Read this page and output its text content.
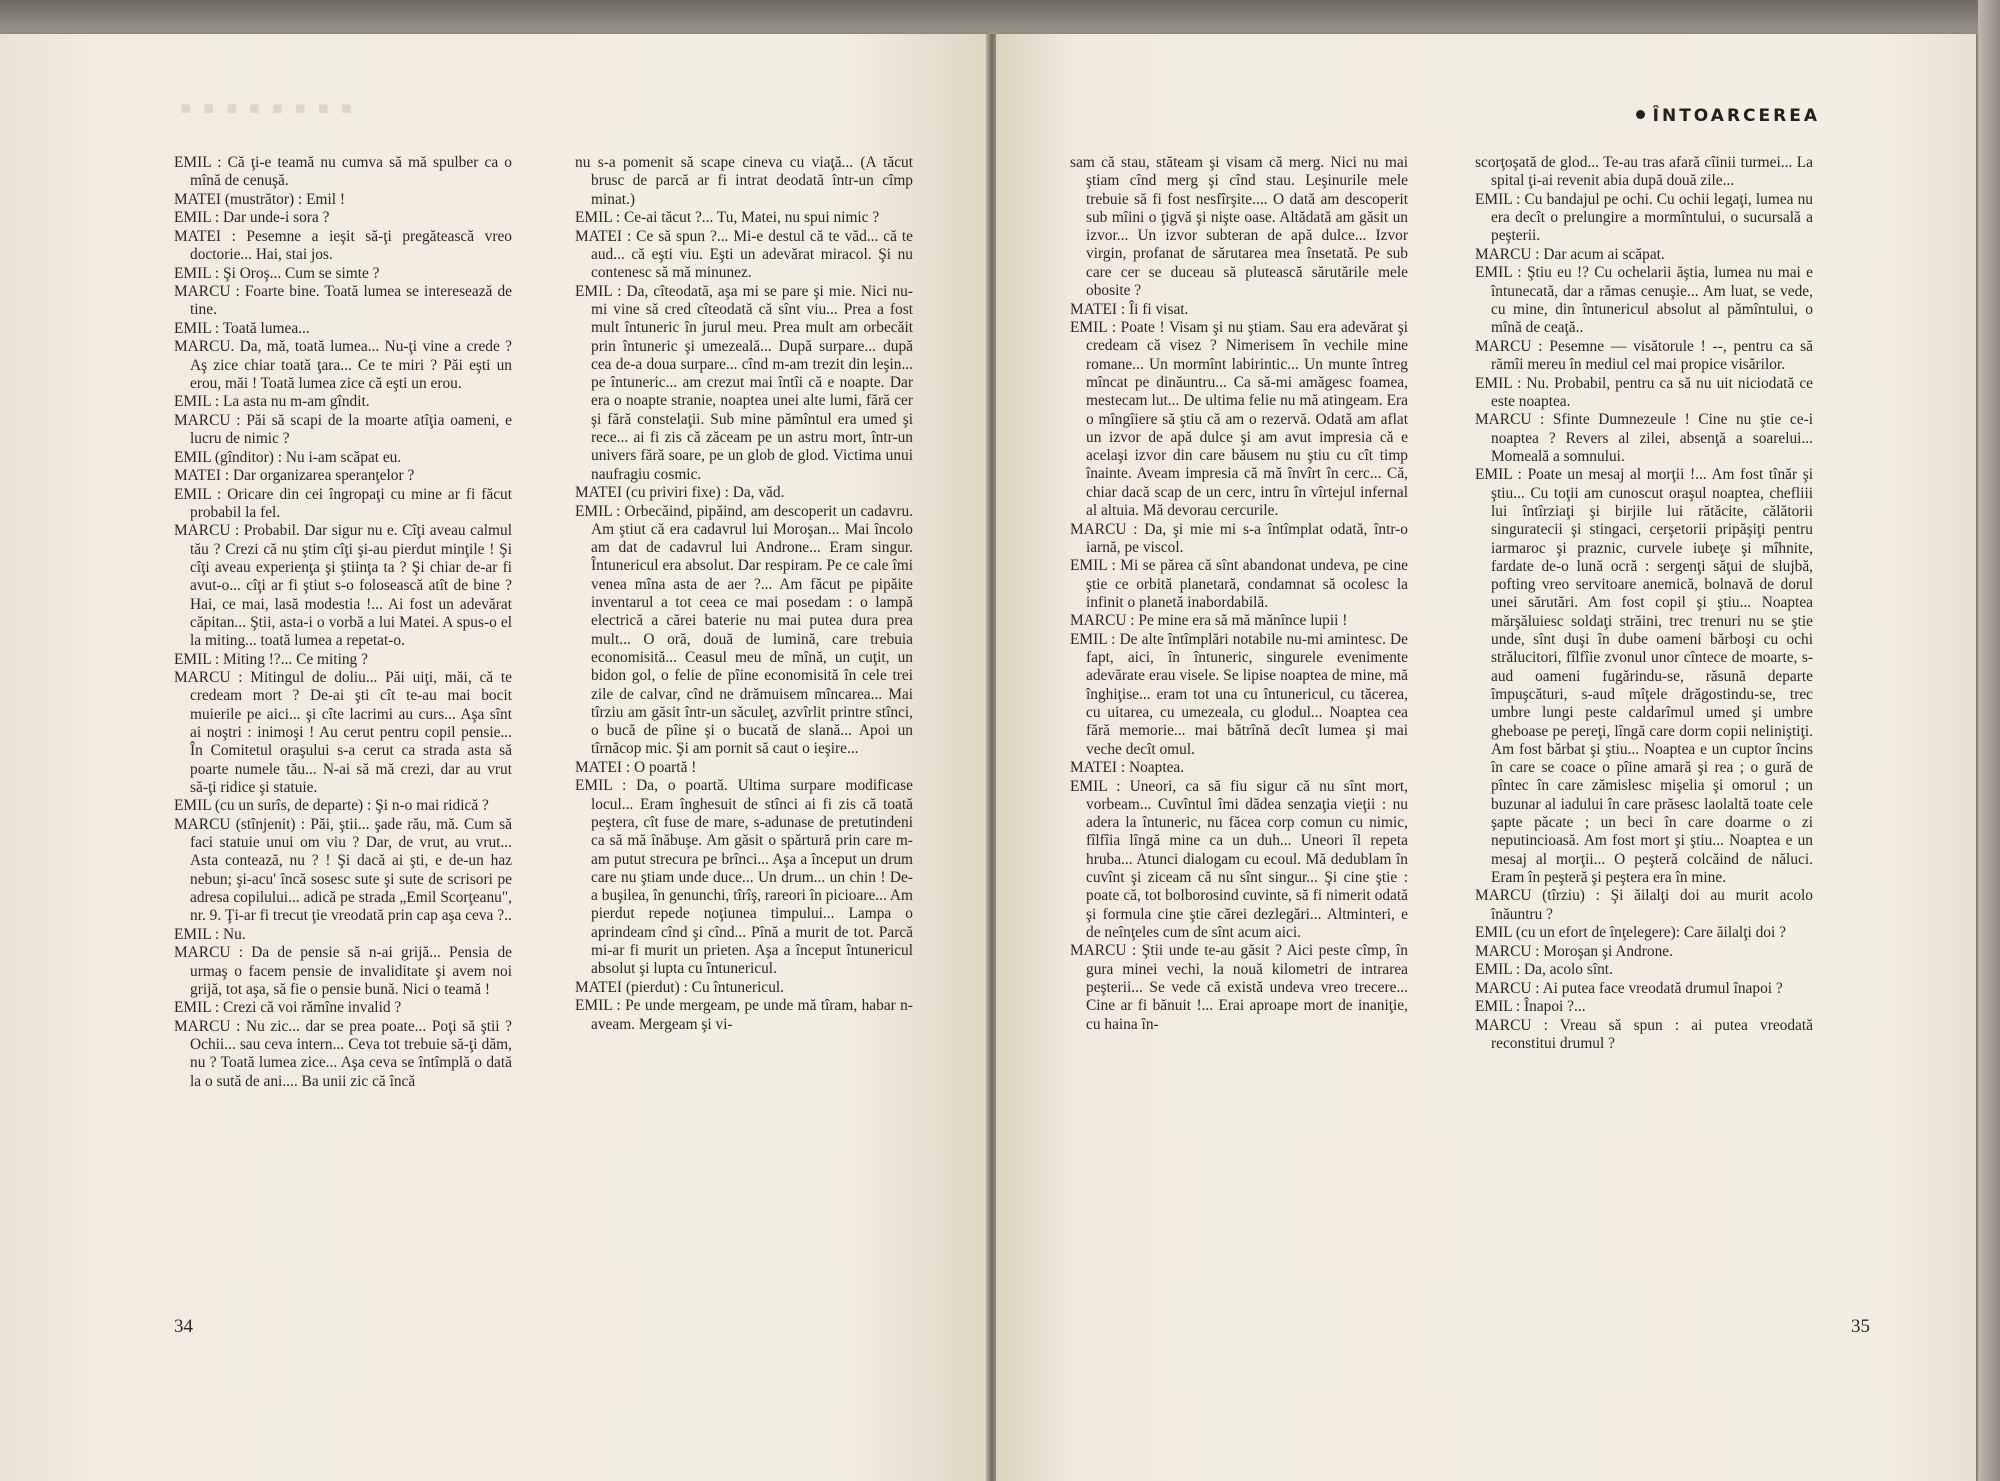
▪ ▪ ▪ ▪ ▪ ▪ ▪ ▪

EMIL : Că ţi-e teamă nu cumva să mă spulber ca o mînă de cenuşă.

MATEI (mustrător) : Emil !

EMIL : Dar unde-i sora ?

MATEI : Pesemne a ieşit să-ţi pregătească vreo doctorie... Hai, stai jos.

EMIL : Şi Oroş... Cum se simte ?

MARCU : Foarte bine. Toată lumea se interesează de tine.

EMIL : Toată lumea...

MARCU. Da, mă, toată lumea... Nu-ţi vine a crede ? Aş zice chiar toată ţara... Ce te miri ? Păi eşti un erou, măi ! Toată lumea zice că eşti un erou.

EMIL : La asta nu m-am gîndit.

MARCU : Păi să scapi de la moarte atîţia oameni, e lucru de nimic ?

EMIL (gînditor) : Nu i-am scăpat eu.

MATEI : Dar organizarea speranţelor ?

EMIL : Oricare din cei îngropaţi cu mine ar fi făcut probabil la fel.

MARCU : Probabil. Dar sigur nu e. Cîţi aveau calmul tău ? Crezi că nu ştim cîţi şi-au pierdut minţile ! Şi cîţi aveau experienţa şi ştiinţa ta ? Şi chiar de-ar fi avut-o... cîţi ar fi ştiut s-o folosească atît de bine ? Hai, ce mai, lasă modestia !... Ai fost un adevărat căpitan... Ştii, asta-i o vorbă a lui Matei. A spus-o el la miting... toată lumea a repetat-o.

EMIL : Miting !?... Ce miting ?

MARCU : Mitingul de doliu... Păi uiţi, măi, că te credeam mort ? De-ai şti cît te-au mai bocit muierile pe aici... şi cîte lacrimi au curs... Aşa sînt ai noştri : inimoşi ! Au cerut pentru copil pensie... În Comitetul oraşului s-a cerut ca strada asta să poarte numele tău... N-ai să mă crezi, dar au vrut să-ţi ridice şi statuie.

EMIL (cu un surîs, de departe) : Şi n-o mai ridică ?

MARCU (stînjenit) : Păi, ştii... şade rău, mă. Cum să faci statuie unui om viu ? Dar, de vrut, au vrut... Asta contează, nu ? ! Şi dacă ai şti, e de-un haz nebun; şi-acu' încă sosesc sute şi sute de scrisori pe adresa copilului... adică pe strada „Emil Scorţeanu", nr. 9. Ţi-ar fi trecut ţie vreodată prin cap aşa ceva ?..

EMIL : Nu.

MARCU : Da de pensie să n-ai grijă... Pensia de urmaş o facem pensie de invaliditate şi avem noi grijă, tot aşa, să fie o pensie bună. Nici o teamă !

EMIL : Crezi că voi rămîne invalid ?

MARCU : Nu zic... dar se prea poate... Poţi să ştii ? Ochii... sau ceva intern... Ceva tot trebuie să-ţi dăm, nu ? Toată lumea zice... Aşa ceva se întîmplă o dată la o sută de ani.... Ba unii zic că încă

nu s-a pomenit să scape cineva cu viaţă... (A tăcut brusc de parcă ar fi intrat deodată într-un cîmp minat.)

EMIL : Ce-ai tăcut ?... Tu, Matei, nu spui nimic ?

MATEI : Ce să spun ?... Mi-e destul că te văd... că te aud... că eşti viu. Eşti un adevărat miracol. Şi nu contenesc să mă minunez.

EMIL : Da, cîteodată, aşa mi se pare şi mie. Nici nu-mi vine să cred cîteodată că sînt viu... Prea a fost mult întuneric în jurul meu. Prea mult am orbecăit prin întuneric şi umezeală... După surpare... după cea de-a doua surpare... cînd m-am trezit din leşin... pe întuneric... am crezut mai întîi că e noapte. Dar era o noapte stranie, noaptea unei alte lumi, fără cer şi fără constelaţii. Sub mine pămîntul era umed şi rece... ai fi zis că zăceam pe un astru mort, într-un univers fără soare, pe un glob de glod. Victima unui naufragiu cosmic.

MATEI (cu priviri fixe) : Da, văd.

EMIL : Orbecăind, pipăind, am descoperit un cadavru. Am ştiut că era cadavrul lui Moroşan... Mai încolo am dat de cadavrul lui Androne... Eram singur. Întunericul era absolut. Dar respiram. Pe ce cale îmi venea mîna asta de aer ?... Am făcut pe pipăite inventarul a tot ceea ce mai posedam : o lampă electrică a cărei baterie nu mai putea dura prea mult... O oră, două de lumină, care trebuia economisită... Ceasul meu de mînă, un cuţit, un bidon gol, o felie de pîine economisită în cele trei zile de calvar, cînd ne drămuisem mîncarea... Mai tîrziu am găsit într-un săculeţ, azvîrlit printre stînci, o bucă de pîine şi o bucată de slană... Apoi un tîrnăcop mic. Şi am pornit să caut o ieşire...

MATEI : O poartă !

EMIL : Da, o poartă. Ultima surpare modificase locul... Eram înghesuit de stînci ai fi zis că toată peştera, cît fuse de mare, s-adunase de pretutindeni ca să mă înăbuşe. Am găsit o spărtură prin care m-am putut strecura pe brînci... Aşa a început un drum care nu ştiam unde duce... Un drum... un chin ! De-a buşilea, în genunchi, tîrîş, rareori în picioare... Am pierdut repede noţiunea timpului... Lampa o aprindeam cînd şi cînd... Pînă a murit de tot. Parcă mi-ar fi murit un prieten. Aşa a început întunericul absolut şi lupta cu întunericul.

MATEI (pierdut) : Cu întunericul.

EMIL : Pe unde mergeam, pe unde mă tîram, habar n-aveam. Mergeam şi vi-

34
ÎNTOARCEREA

sam că stau, stăteam şi visam că merg. Nici nu mai ştiam cînd merg şi cînd stau. Leşinurile mele trebuie să fi fost nesfîrşite.... O dată am descoperit sub mîini o ţigvă şi nişte oase. Altădată am găsit un izvor... Un izvor subteran de apă dulce... Izvor virgin, profanat de sărutarea mea însetată. Pe sub care cer se duceau să plutească sărutările mele obosite ?

MATEI : Îi fi visat.

EMIL : Poate ! Visam şi nu ştiam. Sau era adevărat şi credeam că visez ? Nimerisem în vechile mine romane... Un mormînt labirintic... Un munte întreg mîncat pe dinăuntru... Ca să-mi amăgesc foamea, mestecam lut... De ultima felie nu mă atingeam. Era o mîngîiere să ştiu că am o rezervă. Odată am aflat un izvor de apă dulce şi am avut impresia că e acelaşi izvor din care băusem nu ştiu cu cît timp înainte. Aveam impresia că mă învîrt în cerc... Că, chiar dacă scap de un cerc, intru în vîrtejul infernal al altuia. Mă devorau cercurile.

MARCU : Da, şi mie mi s-a întîmplat odată, într-o iarnă, pe viscol.

EMIL : Mi se părea că sînt abandonat undeva, pe cine ştie ce orbită planetară, condamnat să ocolesc la infinit o planetă inabordabilă.

MARCU : Pe mine era să mă mănînce lupii !

EMIL : De alte întîmplări notabile nu-mi amintesc. De fapt, aici, în întuneric, singurele evenimente adevărate erau visele. Se lipise noaptea de mine, mă înghiţise... eram tot una cu întunericul, cu tăcerea, cu uitarea, cu umezeala, cu glodul... Noaptea cea fără memorie... mai bătrînă decît lumea şi mai veche decît omul.

MATEI : Noaptea.

EMIL : Uneori, ca să fiu sigur că nu sînt mort, vorbeam... Cuvîntul îmi dădea senzaţia vieţii : nu adera la întuneric, nu făcea corp comun cu nimic, fîlfîia lîngă mine ca un duh... Uneori îl repeta hruba... Atunci dialogam cu ecoul. Mă dedublam în cuvînt şi ziceam că nu sînt singur... Şi cine ştie : poate că, tot bolborosind cuvinte, să fi nimerit odată şi formula cine ştie cărei dezlegări... Altminteri, e de neînţeles cum de sînt acum aici.

MARCU : Ştii unde te-au găsit ? Aici peste cîmp, în gura minei vechi, la nouă kilometri de intrarea peşterii... Se vede că există undeva vreo trecere... Cine ar fi bănuit !... Erai aproape mort de inaniţie, cu haina în-

scorţoşată de glod... Te-au tras afară cîinii turmei... La spital ţi-ai revenit abia după două zile...

EMIL : Cu bandajul pe ochi. Cu ochii legaţi, lumea nu era decît o prelungire a mormîntului, o sucursală a peşterii.

MARCU : Dar acum ai scăpat.

EMIL : Ştiu eu !? Cu ochelarii ăştia, lumea nu mai e întunecată, dar a rămas cenuşie... Am luat, se vede, cu mine, din întunericul absolut al pămîntului, o mînă de ceaţă..

MARCU : Pesemne — visătorule ! --, pentru ca să rămîi mereu în mediul cel mai propice visărilor.

EMIL : Nu. Probabil, pentru ca să nu uit niciodată ce este noaptea.

MARCU : Sfinte Dumnezeule ! Cine nu ştie ce-i noaptea ? Revers al zilei, absenţă a soarelui... Momeală a somnului.

EMIL : Poate un mesaj al morţii !... Am fost tînăr şi ştiu... Cu toţii am cunoscut oraşul noaptea, chefliii lui întîrziaţi şi birjile lui rătăcite, călătorii singuratecii şi stingaci, cerşetorii pripăşiţi pentru iarmaroc şi praznic, curvele iubeţe şi mîhnite, fardate de-o lună ocră : sergenţi săţui de slujbă, pofting vreo servitoare anemică, bolnavă de dorul unei sărutări. Am fost copil şi ştiu... Noaptea mărşăluiesc soldaţi străini, trec trenuri nu se ştie unde, sînt duşi în dube oameni bărboşi cu ochi strălucitori, fîlfîie zvonul unor cîntece de moarte, s-aud oameni fugărindu-se, răsună departe împuşcături, s-aud mîţele drăgostindu-se, trec umbre lungi peste caldarîmul umed şi umbre gheboase pe pereţi, lîngă care dorm copii neliniştiţi. Am fost bărbat şi ştiu... Noaptea e un cuptor încins în care se coace o pîine amară şi rea ; o gură de pîntec în care zămislesc mişelia şi omorul ; un buzunar al iadului în care prăsesc laolaltă toate cele şapte păcate ; un beci în care doarme o zi neputincioasă. Am fost mort şi ştiu... Noaptea e un mesaj al morţii... O peşteră colcăind de năluci. Eram în peşteră şi peştera era în mine.

MARCU (tîrziu) : Şi ăilalţi doi au murit acolo înăuntru ?

EMIL (cu un efort de înţelegere): Care ăilalţi doi ?

MARCU : Moroşan şi Androne.

EMIL : Da, acolo sînt.

MARCU : Ai putea face vreodată drumul înapoi ?

EMIL : Înapoi ?...

MARCU : Vreau să spun : ai putea vreodată reconstitui drumul ?

35
